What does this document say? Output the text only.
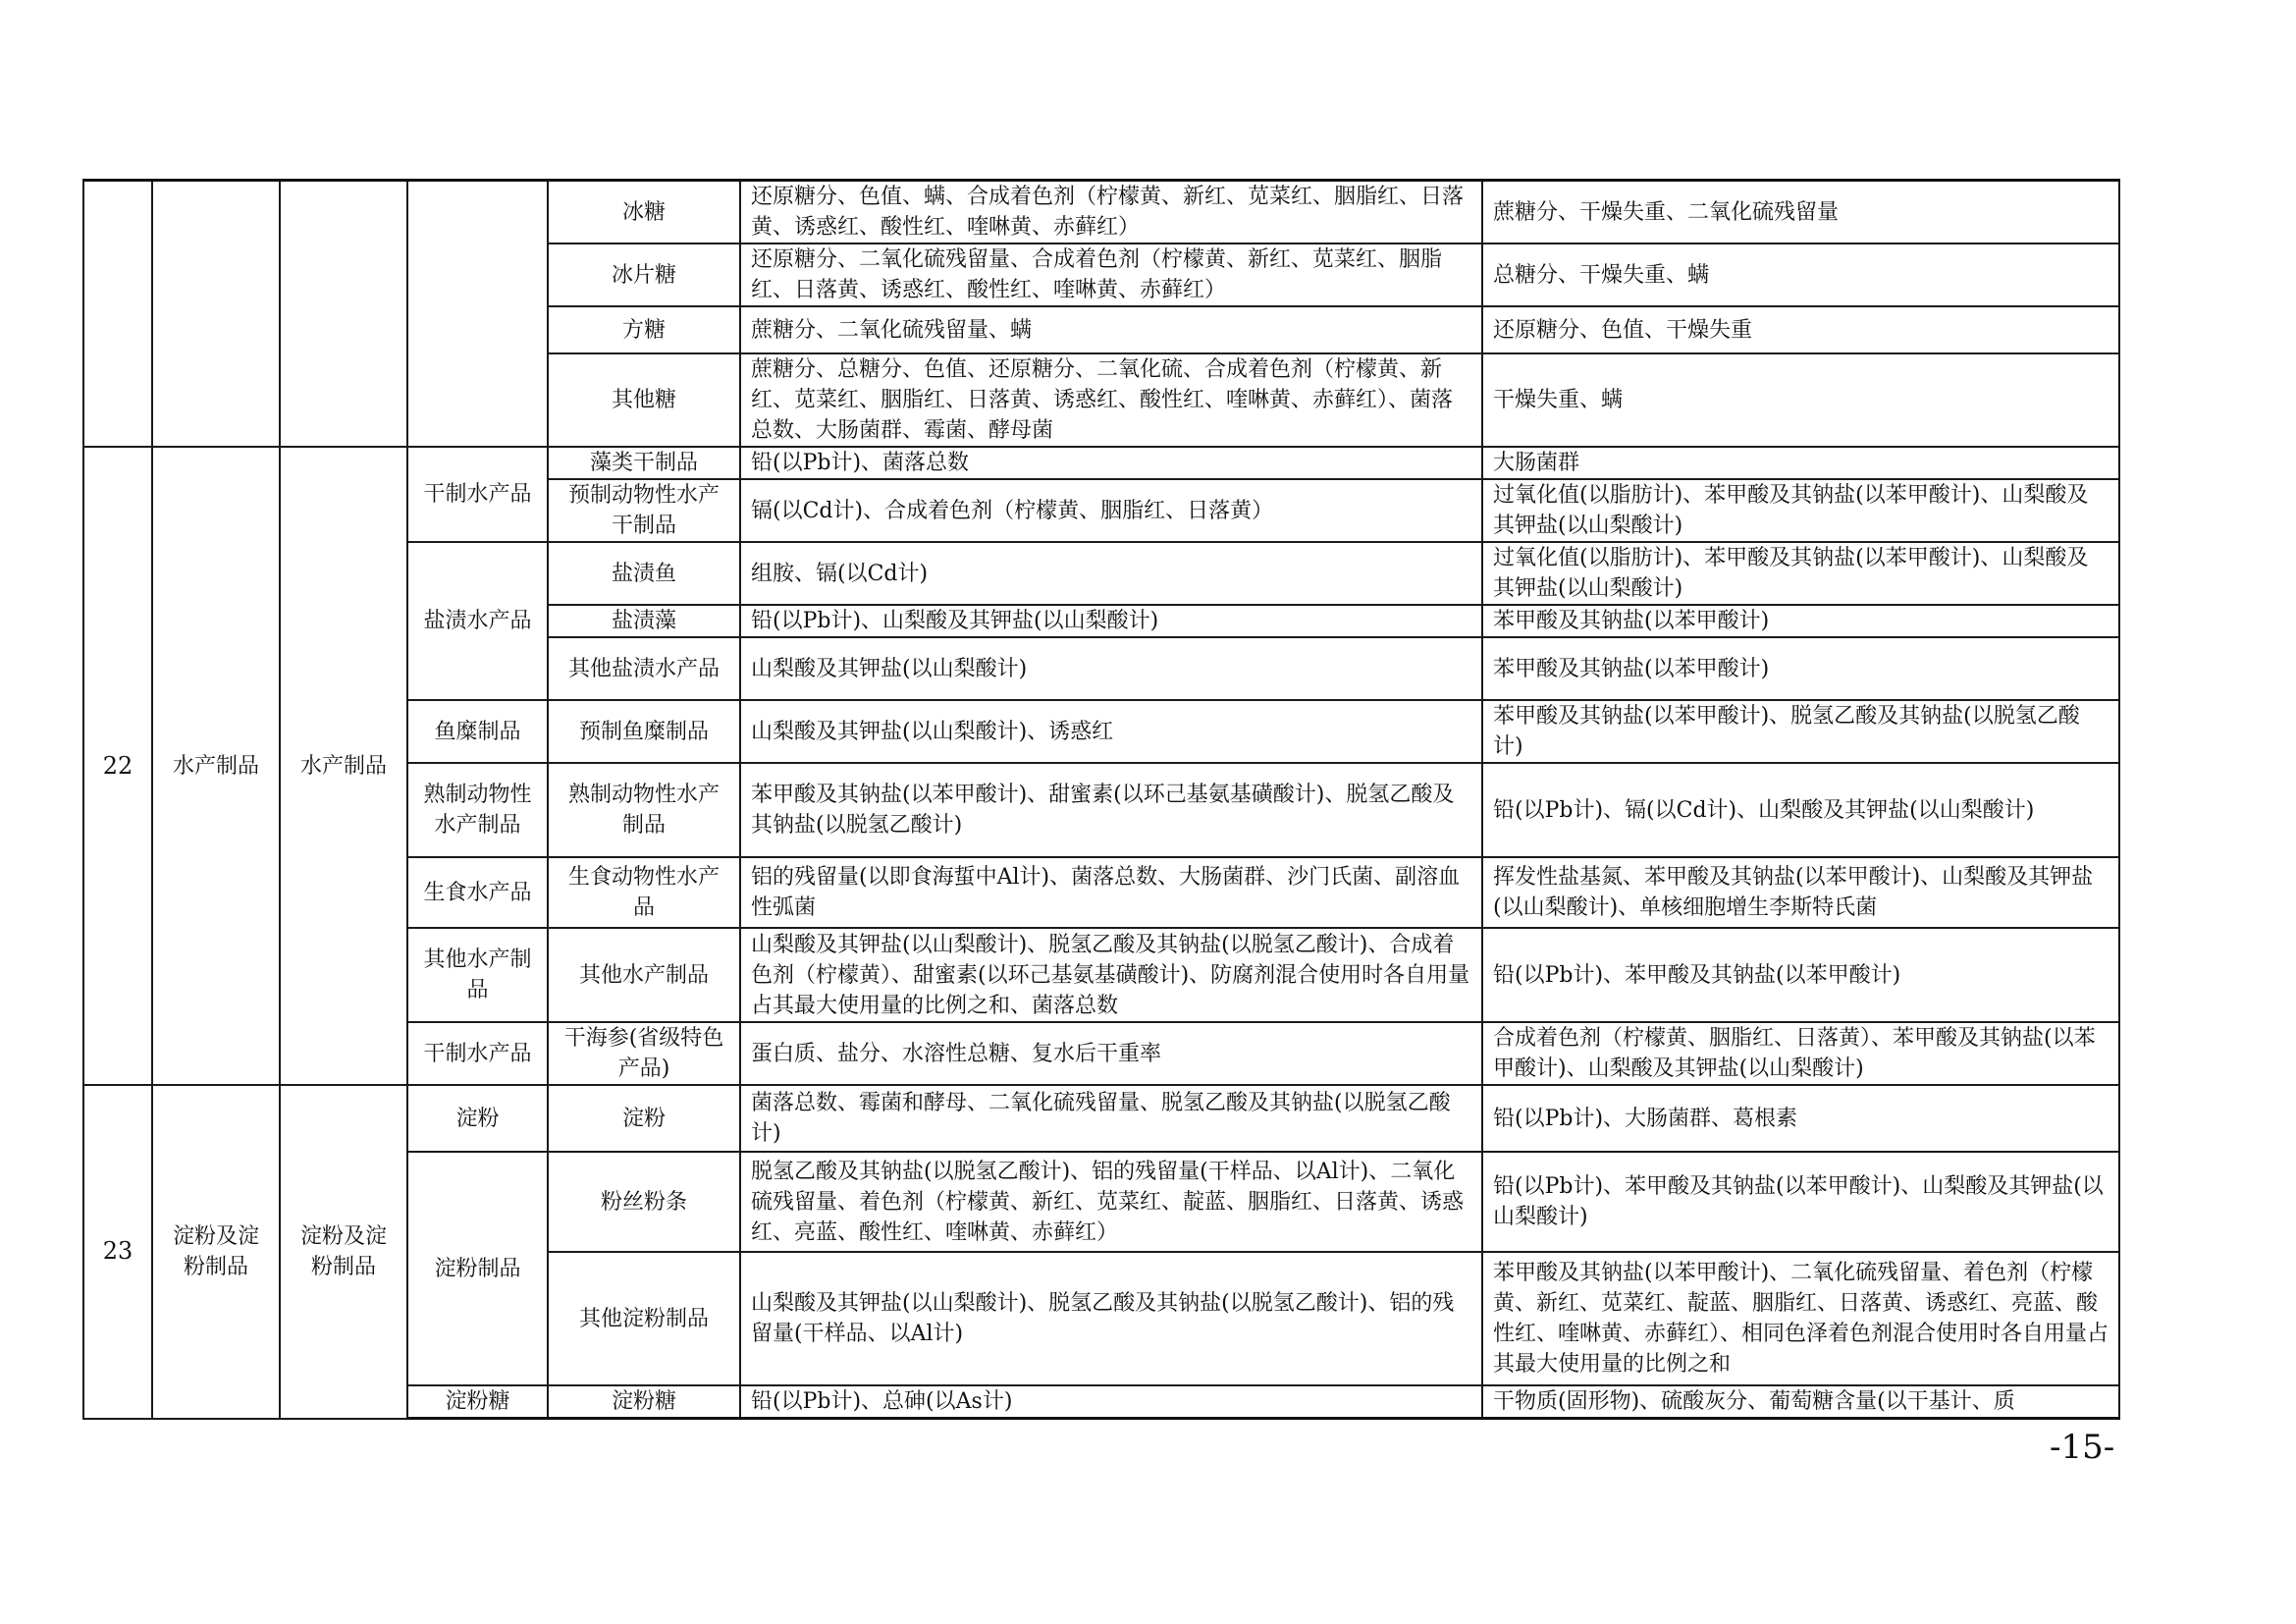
				冰糖	还原糖分、色值、螨、合成着色剂（柠檬黄、新红、苋菜红、胭脂红、日落黄、诱惑红、酸性红、喹啉黄、赤藓红）	蔗糖分、干燥失重、二氧化硫残留量
				冰片糖	还原糖分、二氧化硫残留量、合成着色剂（柠檬黄、新红、苋菜红、胭脂红、日落黄、诱惑红、酸性红、喹啉黄、赤藓红）	总糖分、干燥失重、螨
				方糖	蔗糖分、二氧化硫残留量、螨	还原糖分、色值、干燥失重
				其他糖	蔗糖分、总糖分、色值、还原糖分、二氧化硫、合成着色剂（柠檬黄、新红、苋菜红、胭脂红、日落黄、诱惑红、酸性红、喹啉黄、赤藓红）、菌落总数、大肠菌群、霉菌、酵母菌	干燥失重、螨
22	水产制品	水产制品	干制水产品	藻类干制品	铅(以Pb计)、菌落总数	大肠菌群
				预制动物性水产干制品	镉(以Cd计)、合成着色剂（柠檬黄、胭脂红、日落黄）	过氧化值(以脂肪计)、苯甲酸及其钠盐(以苯甲酸计)、山梨酸及其钾盐(以山梨酸计)
			盐渍水产品	盐渍鱼	组胺、镉(以Cd计)	过氧化值(以脂肪计)、苯甲酸及其钠盐(以苯甲酸计)、山梨酸及其钾盐(以山梨酸计)
				盐渍藻	铅(以Pb计)、山梨酸及其钾盐(以山梨酸计)	苯甲酸及其钠盐(以苯甲酸计)
				其他盐渍水产品	山梨酸及其钾盐(以山梨酸计)	苯甲酸及其钠盐(以苯甲酸计)
			鱼糜制品	预制鱼糜制品	山梨酸及其钾盐(以山梨酸计)、诱惑红	苯甲酸及其钠盐(以苯甲酸计)、脱氢乙酸及其钠盐(以脱氢乙酸计)
			熟制动物性水产制品	熟制动物性水产制品	苯甲酸及其钠盐(以苯甲酸计)、甜蜜素(以环己基氨基磺酸计)、脱氢乙酸及其钠盐(以脱氢乙酸计)	铅(以Pb计)、镉(以Cd计)、山梨酸及其钾盐(以山梨酸计)
			生食水产品	生食动物性水产品	铝的残留量(以即食海蜇中Al计)、菌落总数、大肠菌群、沙门氏菌、副溶血性弧菌	挥发性盐基氮、苯甲酸及其钠盐(以苯甲酸计)、山梨酸及其钾盐(以山梨酸计)、单核细胞增生李斯特氏菌
			其他水产制品	其他水产制品	山梨酸及其钾盐(以山梨酸计)、脱氢乙酸及其钠盐(以脱氢乙酸计)、合成着色剂（柠檬黄）、甜蜜素(以环己基氨基磺酸计)、防腐剂混合使用时各自用量占其最大使用量的比例之和、菌落总数	铅(以Pb计)、苯甲酸及其钠盐(以苯甲酸计)
			干制水产品	干海参(省级特色产品)	蛋白质、盐分、水溶性总糖、复水后干重率	合成着色剂（柠檬黄、胭脂红、日落黄）、苯甲酸及其钠盐(以苯甲酸计)、山梨酸及其钾盐(以山梨酸计)
23	淀粉及淀粉制品	淀粉及淀粉制品	淀粉	淀粉	菌落总数、霉菌和酵母、二氧化硫残留量、脱氢乙酸及其钠盐(以脱氢乙酸计)	铅(以Pb计)、大肠菌群、葛根素
			淀粉制品	粉丝粉条	脱氢乙酸及其钠盐(以脱氢乙酸计)、铝的残留量(干样品、以Al计)、二氧化硫残留量、着色剂（柠檬黄、新红、苋菜红、靛蓝、胭脂红、日落黄、诱惑红、亮蓝、酸性红、喹啉黄、赤藓红）	铅(以Pb计)、苯甲酸及其钠盐(以苯甲酸计)、山梨酸及其钾盐(以山梨酸计)
				其他淀粉制品	山梨酸及其钾盐(以山梨酸计)、脱氢乙酸及其钠盐(以脱氢乙酸计)、铝的残留量(干样品、以Al计)	苯甲酸及其钠盐(以苯甲酸计)、二氧化硫残留量、着色剂（柠檬黄、新红、苋菜红、靛蓝、胭脂红、日落黄、诱惑红、亮蓝、酸性红、喹啉黄、赤藓红）、相同色泽着色剂混合使用时各自用量占其最大使用量的比例之和
			淀粉糖	淀粉糖	铅(以Pb计)、总砷(以As计)	干物质(固形物)、硫酸灰分、葡萄糖含量(以干基计、质
-15-
